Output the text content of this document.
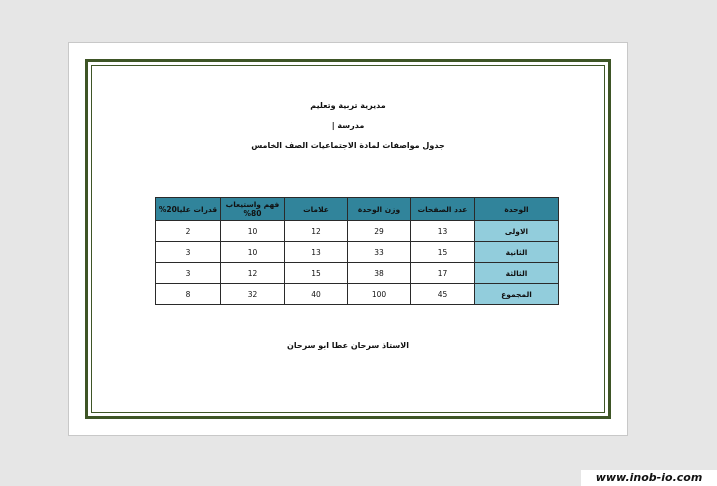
مديرية تربية وتعليم
مدرسة |
جدول مواصفات لمادة الاجتماعيات الصف الخامس
الوحدة	عدد الصفحات	وزن الوحدة	علامات	فهم واستيعاب 80%	قدرات عليا20%
الاولى	13	29	12	10	2
الثانية	15	33	13	10	3
الثالثة	17	38	15	12	3
المجموع	45	100	40	32	8
الاستاذ سرحان عطا ابو سرحان
www.inob-io.com
